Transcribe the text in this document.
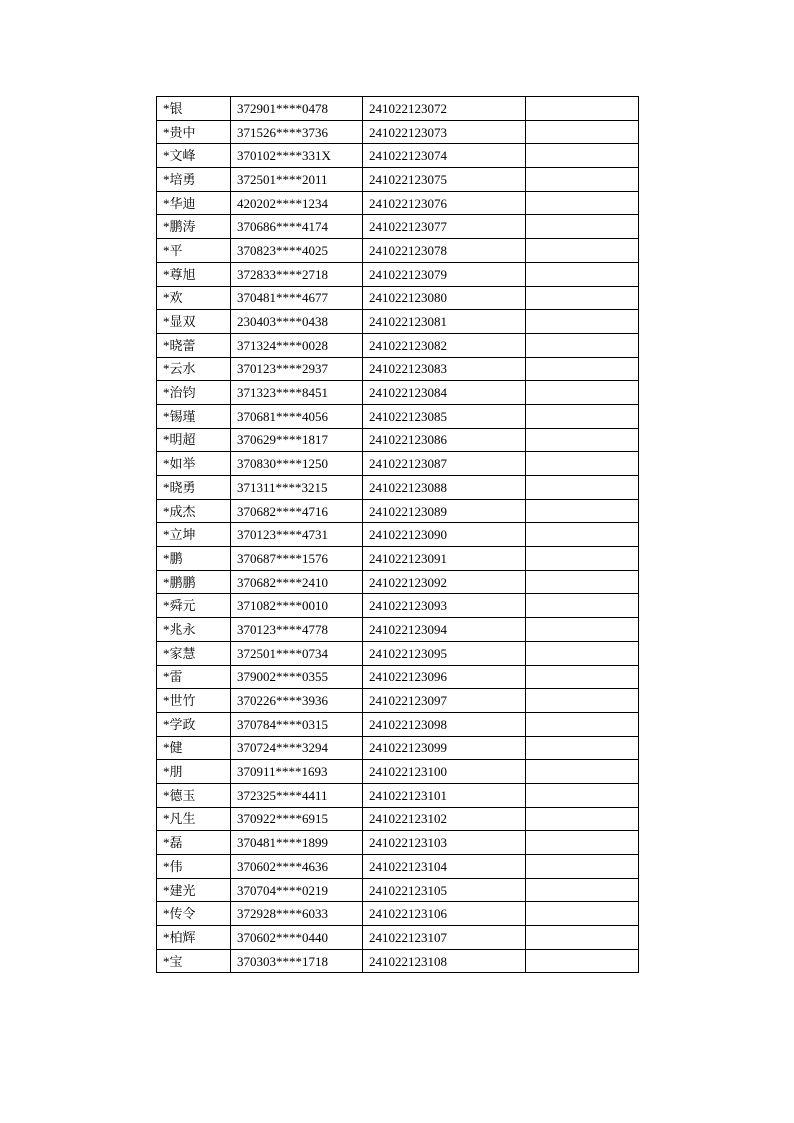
*银	372901****0478	241022123072	
*贵中	371526****3736	241022123073	
*文峰	370102****331X	241022123074	
*培勇	372501****2011	241022123075	
*华迪	420202****1234	241022123076	
*鹏涛	370686****4174	241022123077	
*平	370823****4025	241022123078	
*尊旭	372833****2718	241022123079	
*欢	370481****4677	241022123080	
*显双	230403****0438	241022123081	
*晓蕾	371324****0028	241022123082	
*云水	370123****2937	241022123083	
*治钧	371323****8451	241022123084	
*锡瑾	370681****4056	241022123085	
*明超	370629****1817	241022123086	
*如举	370830****1250	241022123087	
*晓勇	371311****3215	241022123088	
*成杰	370682****4716	241022123089	
*立坤	370123****4731	241022123090	
*鹏	370687****1576	241022123091	
*鹏鹏	370682****2410	241022123092	
*舜元	371082****0010	241022123093	
*兆永	370123****4778	241022123094	
*家慧	372501****0734	241022123095	
*雷	379002****0355	241022123096	
*世竹	370226****3936	241022123097	
*学政	370784****0315	241022123098	
*健	370724****3294	241022123099	
*朋	370911****1693	241022123100	
*德玉	372325****4411	241022123101	
*凡生	370922****6915	241022123102	
*磊	370481****1899	241022123103	
*伟	370602****4636	241022123104	
*建光	370704****0219	241022123105	
*传令	372928****6033	241022123106	
*柏辉	370602****0440	241022123107	
*宝	370303****1718	241022123108	
